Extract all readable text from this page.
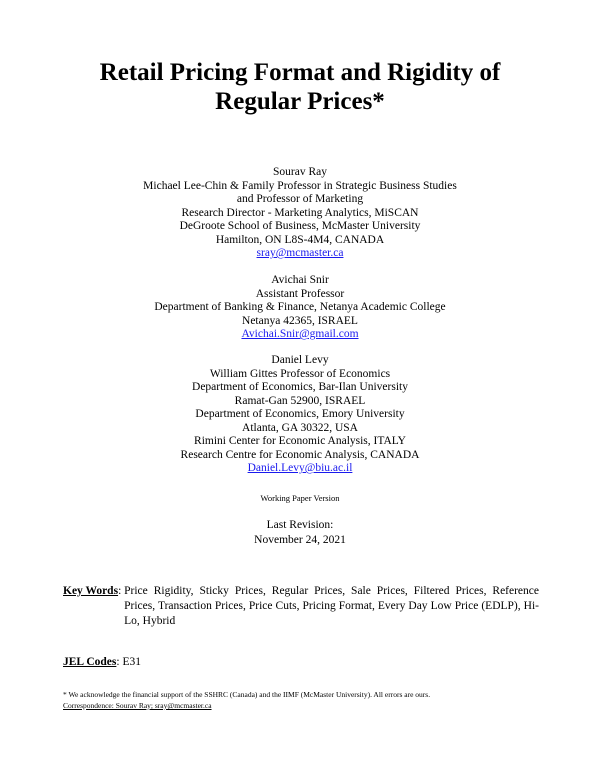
Retail Pricing Format and Rigidity of
Regular Prices*
Sourav Ray
Michael Lee-Chin & Family Professor in Strategic Business Studies
and Professor of Marketing
Research Director - Marketing Analytics, MiSCAN
DeGroote School of Business, McMaster University
Hamilton, ON L8S-4M4, CANADA
sray@mcmaster.ca
Avichai Snir
Assistant Professor
Department of Banking & Finance, Netanya Academic College
Netanya 42365, ISRAEL
Avichai.Snir@gmail.com
Daniel Levy
William Gittes Professor of Economics
Department of Economics, Bar-Ilan University
Ramat-Gan 52900, ISRAEL
Department of Economics, Emory University
Atlanta, GA 30322, USA
Rimini Center for Economic Analysis, ITALY
Research Centre for Economic Analysis, CANADA
Daniel.Levy@biu.ac.il
Working Paper Version
Last Revision:
November 24, 2021
Key Words : Price Rigidity, Sticky Prices, Regular Prices, Sale Prices, Filtered Prices, Reference Prices, Transaction Prices, Price Cuts, Pricing Format, Every Day Low Price (EDLP), Hi-Lo, Hybrid
JEL Codes: E31
* We acknowledge the financial support of the SSHRC (Canada) and the IIMF (McMaster University). All errors are ours.
Correspondence: Sourav Ray; sray@mcmaster.ca
